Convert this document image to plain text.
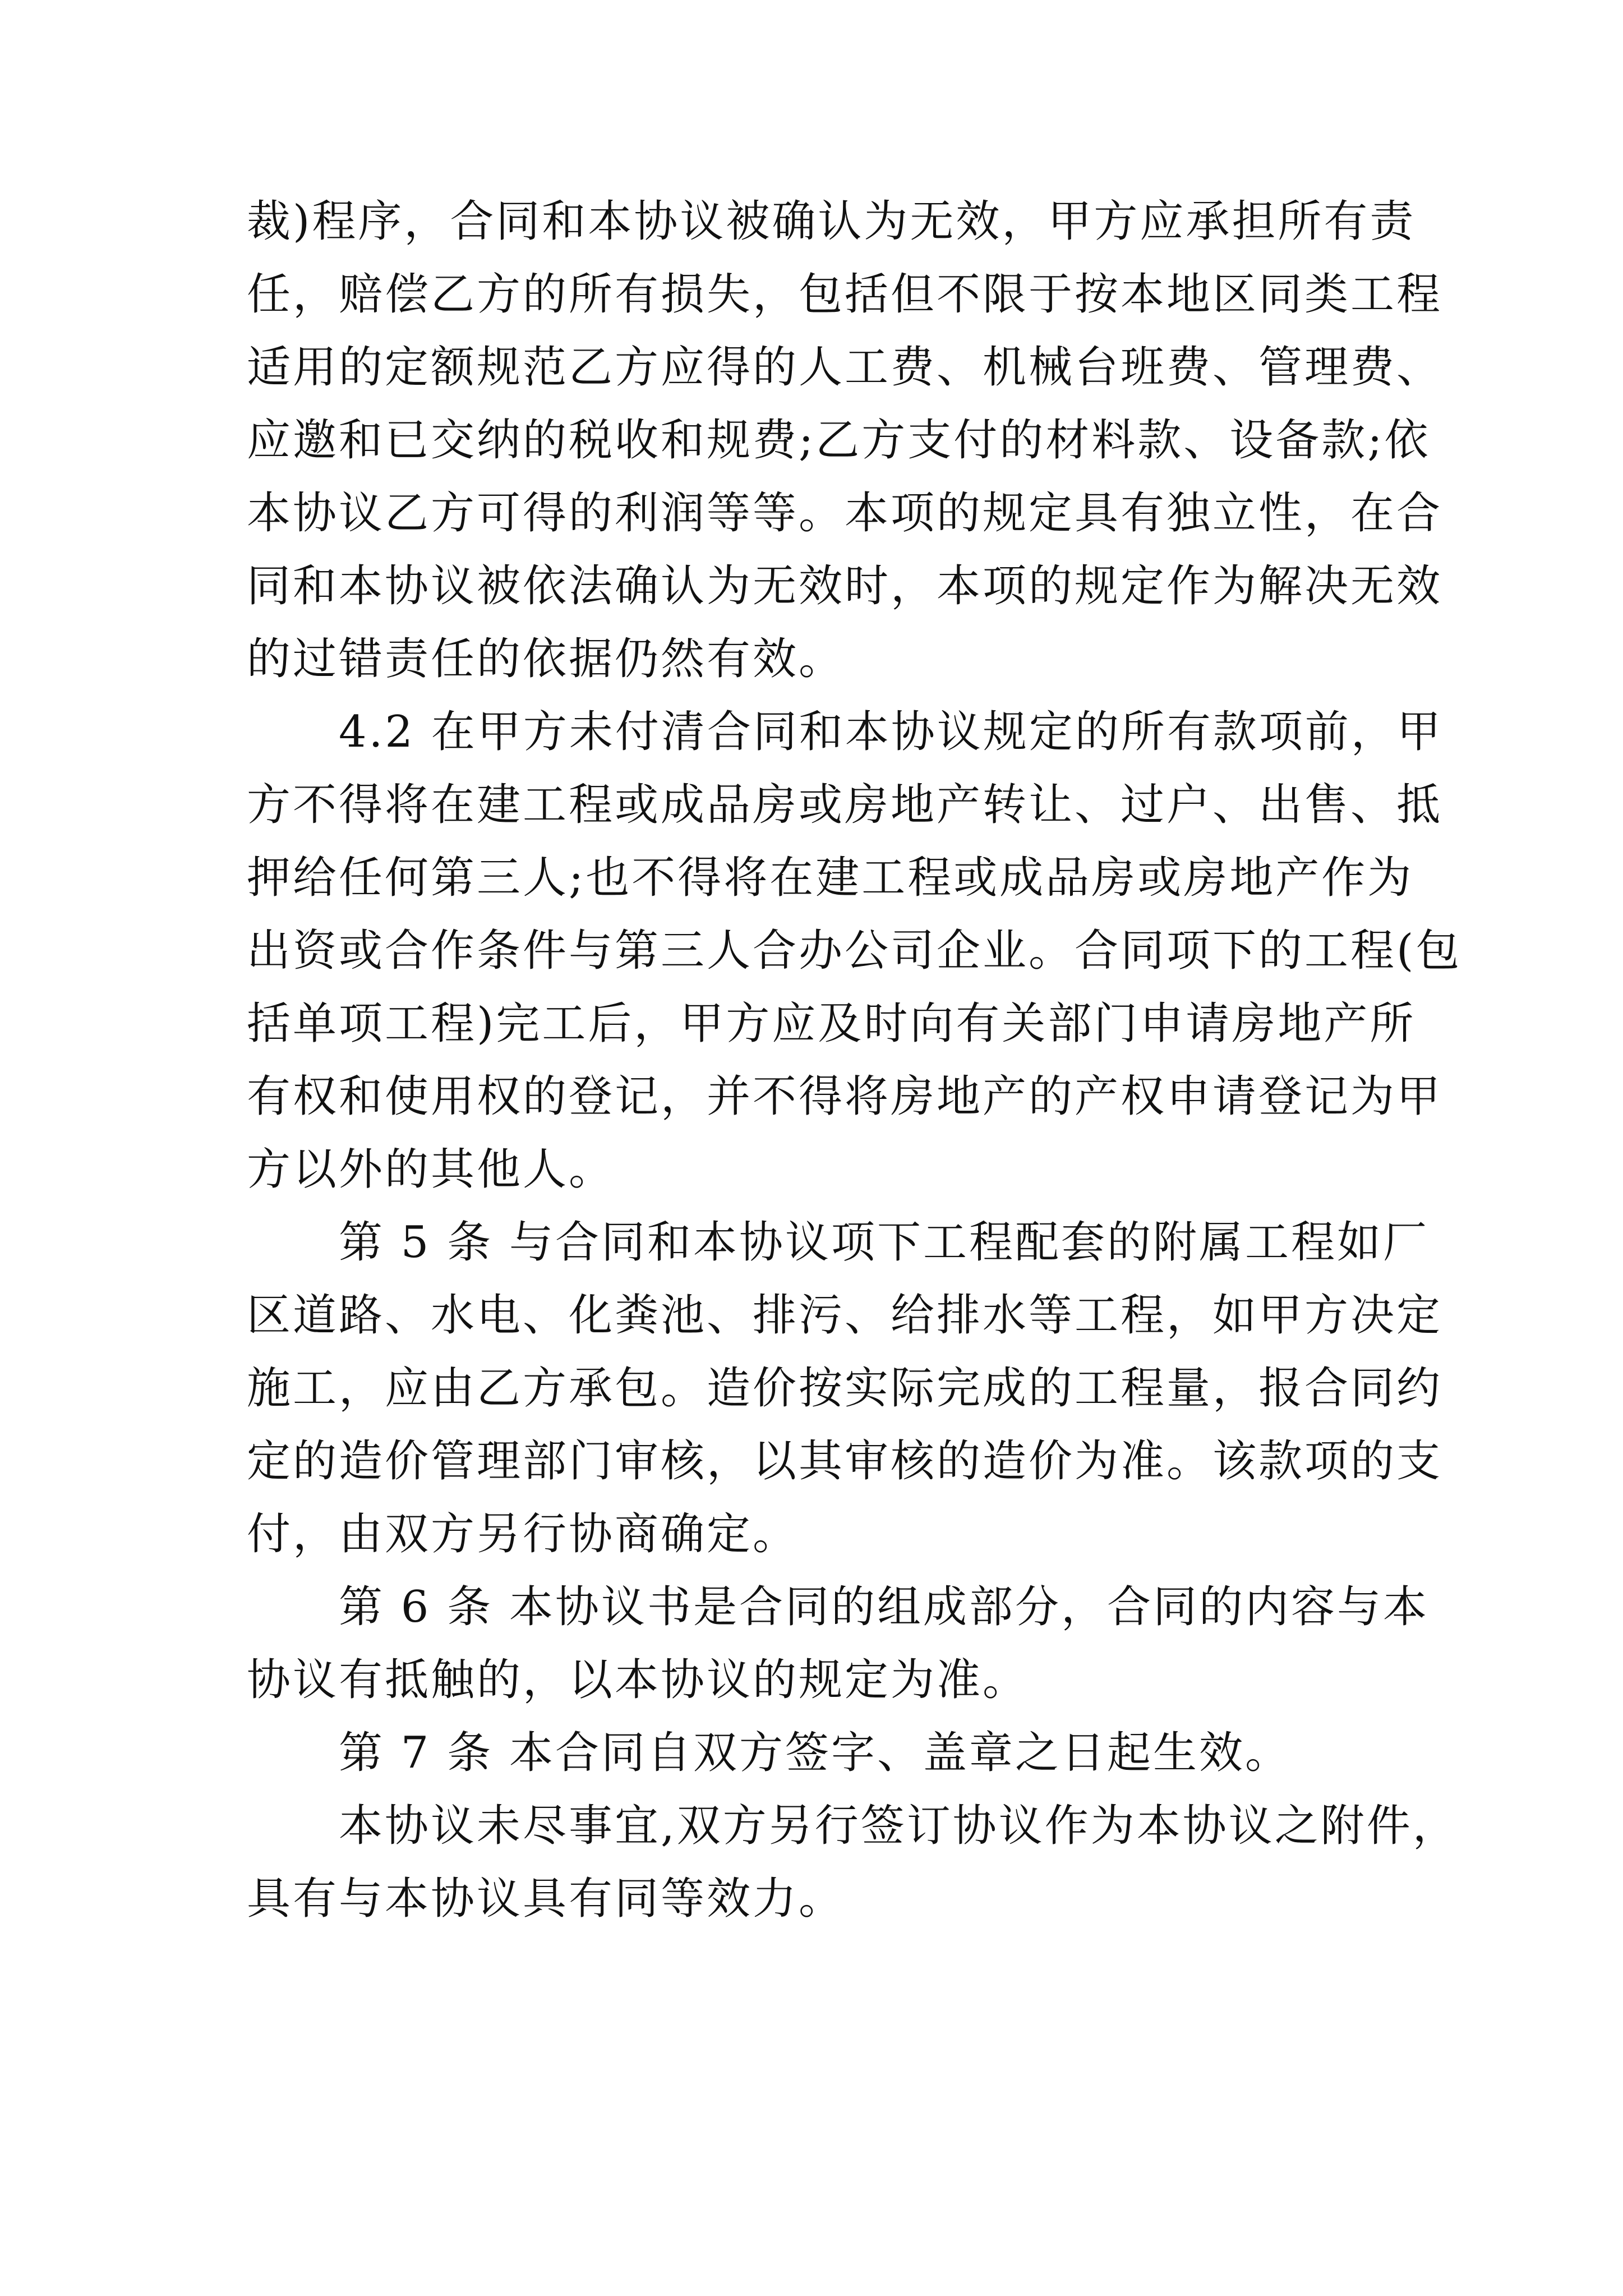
裁)程序，合同和本协议被确认为无效，甲方应承担所有责
任，赔偿乙方的所有损失，包括但不限于按本地区同类工程
适用的定额规范乙方应得的人工费、机械台班费、管理费、
应邀和已交纳的税收和规费;乙方支付的材料款、设备款;依
本协议乙方可得的利润等等。本项的规定具有独立性，在合
同和本协议被依法确认为无效时，本项的规定作为解决无效
的过错责任的依据仍然有效。
　　4.2 在甲方未付清合同和本协议规定的所有款项前，甲
方不得将在建工程或成品房或房地产转让、过户、出售、抵
押给任何第三人;也不得将在建工程或成品房或房地产作为
出资或合作条件与第三人合办公司企业。合同项下的工程(包
括单项工程)完工后，甲方应及时向有关部门申请房地产所
有权和使用权的登记，并不得将房地产的产权申请登记为甲
方以外的其他人。
　　第 5 条 与合同和本协议项下工程配套的附属工程如厂
区道路、水电、化粪池、排污、给排水等工程，如甲方决定
施工，应由乙方承包。造价按实际完成的工程量，报合同约
定的造价管理部门审核，以其审核的造价为准。该款项的支
付，由双方另行协商确定。
　　第 6 条 本协议书是合同的组成部分，合同的内容与本
协议有抵触的，以本协议的规定为准。
　　第 7 条 本合同自双方签字、盖章之日起生效。
　　本协议未尽事宜,双方另行签订协议作为本协议之附件，
具有与本协议具有同等效力。
